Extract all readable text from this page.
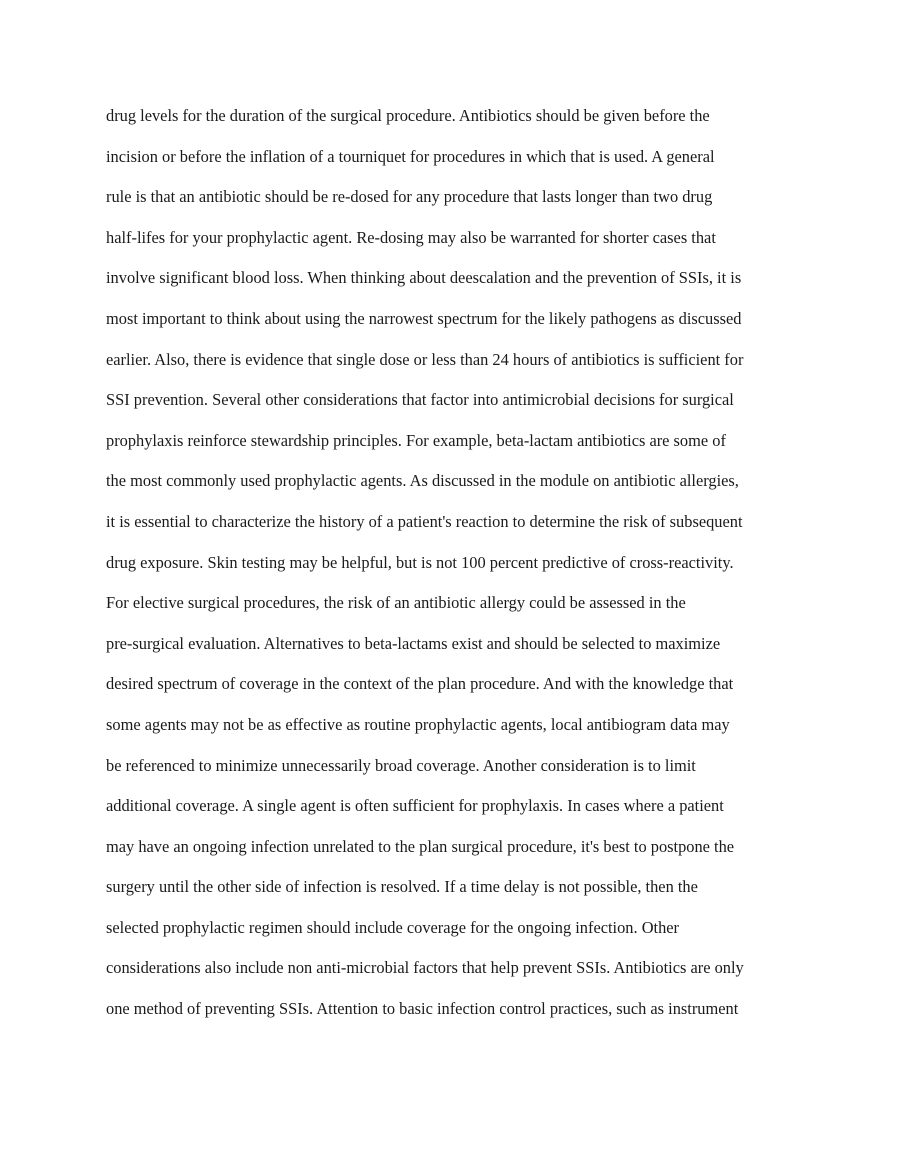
drug levels for the duration of the surgical procedure. Antibiotics should be given before the
incision or before the inflation of a tourniquet for procedures in which that is used. A general
rule is that an antibiotic should be re-dosed for any procedure that lasts longer than two drug
half-lifes for your prophylactic agent. Re-dosing may also be warranted for shorter cases that
involve significant blood loss. When thinking about deescalation and the prevention of SSIs, it is
most important to think about using the narrowest spectrum for the likely pathogens as discussed
earlier. Also, there is evidence that single dose or less than 24 hours of antibiotics is sufficient for
SSI prevention. Several other considerations that factor into antimicrobial decisions for surgical
prophylaxis reinforce stewardship principles. For example, beta-lactam antibiotics are some of
the most commonly used prophylactic agents. As discussed in the module on antibiotic allergies,
it is essential to characterize the history of a patient's reaction to determine the risk of subsequent
drug exposure. Skin testing may be helpful, but is not 100 percent predictive of cross-reactivity.
For elective surgical procedures, the risk of an antibiotic allergy could be assessed in the
pre-surgical evaluation. Alternatives to beta-lactams exist and should be selected to maximize
desired spectrum of coverage in the context of the plan procedure. And with the knowledge that
some agents may not be as effective as routine prophylactic agents, local antibiogram data may
be referenced to minimize unnecessarily broad coverage. Another consideration is to limit
additional coverage. A single agent is often sufficient for prophylaxis. In cases where a patient
may have an ongoing infection unrelated to the plan surgical procedure, it's best to postpone the
surgery until the other side of infection is resolved. If a time delay is not possible, then the
selected prophylactic regimen should include coverage for the ongoing infection. Other
considerations also include non anti-microbial factors that help prevent SSIs. Antibiotics are only
one method of preventing SSIs. Attention to basic infection control practices, such as instrument
